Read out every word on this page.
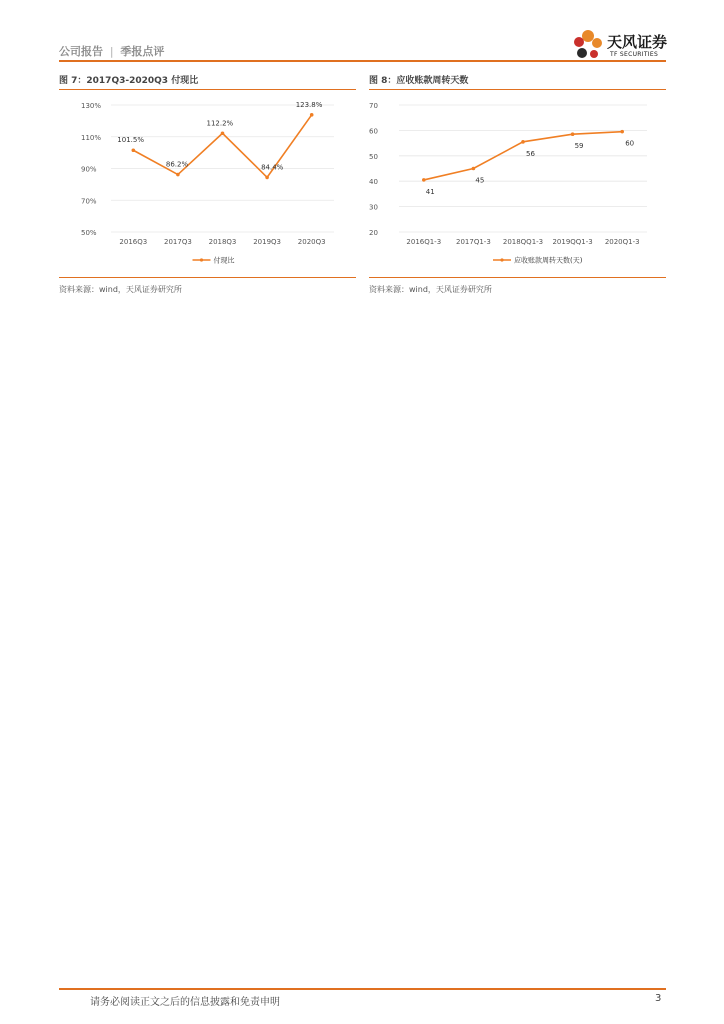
公司报告 | 季报点评
天风证券
TF SECURITIES
图 7：2017Q3-2020Q3 付现比
130%
110%
90%
70%
50%
2016Q3 2017Q3 2018Q3 2019Q3 2020Q3
101.5%
86.2%
112.2%
84.4%
123.8%
付现比
资料来源：wind，天风证券研究所
图 8：应收账款周转天数
70
60
50
40
30
20
2016Q1-3 2017Q1-3 2018QQ1-3 2019QQ1-3 2020Q1-3
41
45
56
59	60
应收账款周转天数(天)
资料来源：wind，天风证券研究所
请务必阅读正文之后的信息披露和免责申明	3
